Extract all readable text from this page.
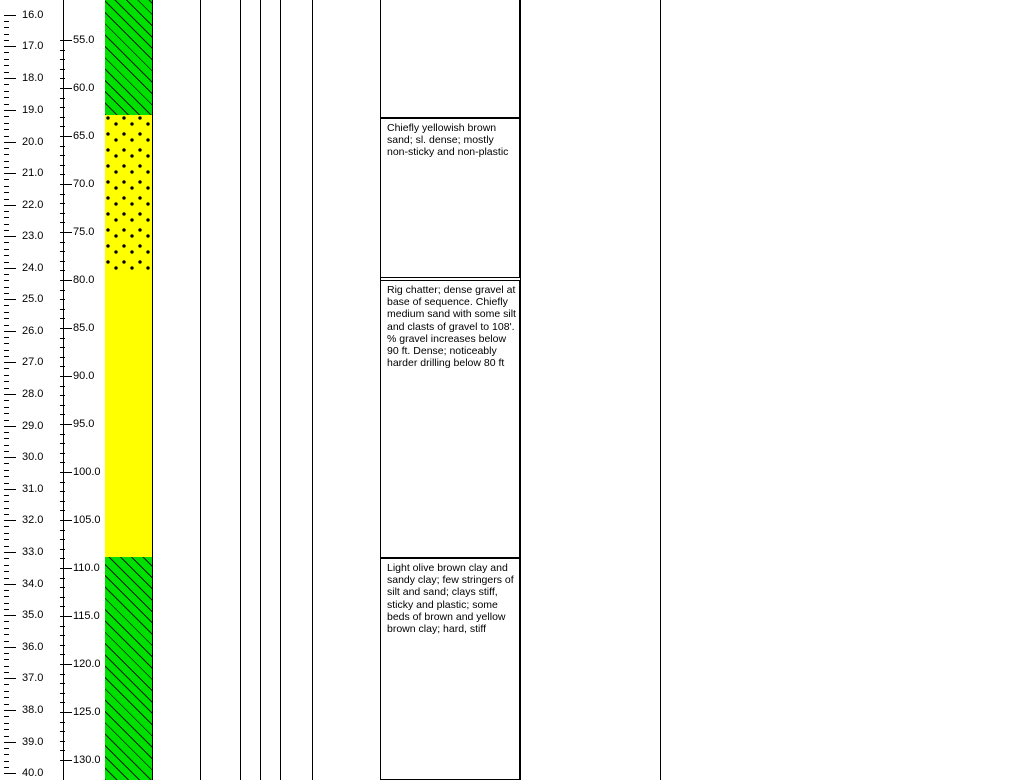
16.0
17.0
18.0
19.0
20.0
21.0
22.0
23.0
24.0
25.0
26.0
27.0
28.0
29.0
30.0
31.0
32.0
33.0
34.0
35.0
36.0
37.0
38.0
39.0
40.0
55.0
60.0
65.0
70.0
75.0
80.0
85.0
90.0
95.0
100.0
105.0
110.0
115.0
120.0
125.0
130.0
Chiefly yellowish brown sand; sl. dense; mostly non-sticky and non-plastic
Rig chatter; dense gravel at base of sequence. Chiefly medium sand with some silt and clasts of gravel to 108'. % gravel increases below 90 ft. Dense; noticeably harder drilling below 80 ft
Light olive brown clay and sandy clay; few stringers of silt and sand; clays stiff, sticky and plastic; some beds of brown and yellow brown clay; hard, stiff
